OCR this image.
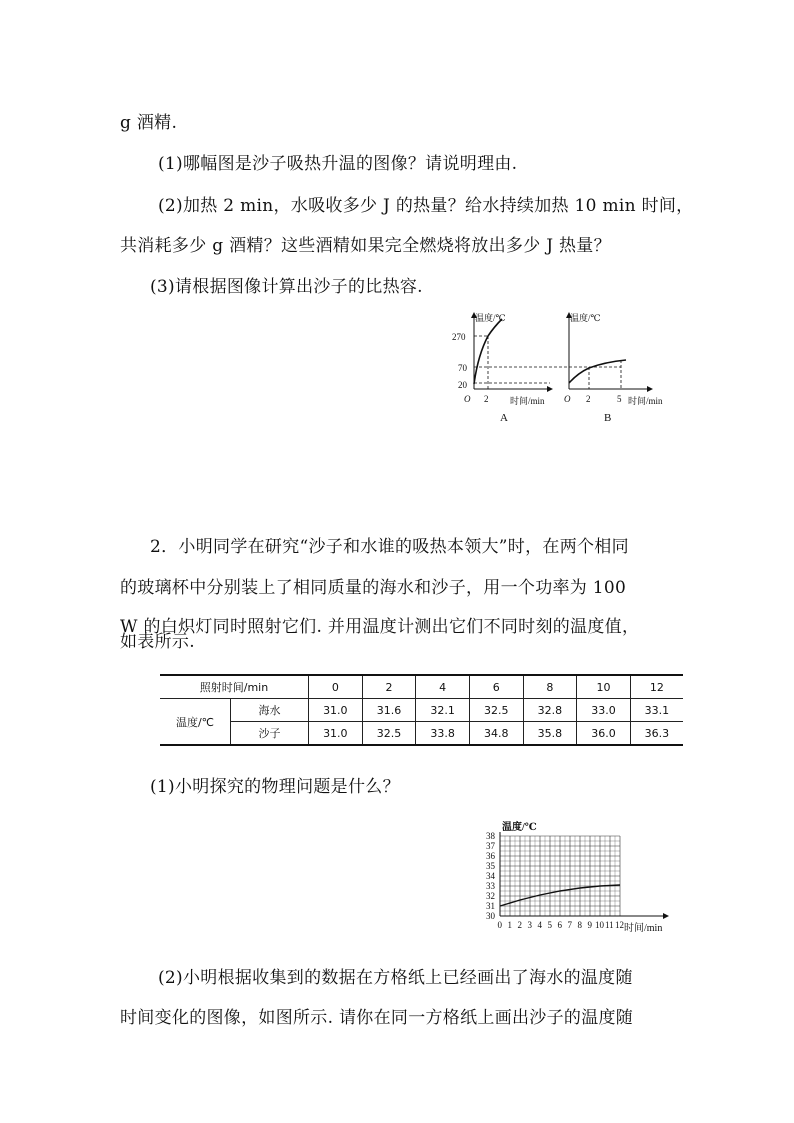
g 酒精.
(1)哪幅图是沙子吸热升温的图像？请说明理由.
(2)加热 2 min，水吸收多少 J 的热量？给水持续加热 10 min 时间，
共消耗多少 g 酒精？这些酒精如果完全燃烧将放出多少 J 热量？
(3)请根据图像计算出沙子的比热容.
温度/℃
270
70
20
O 2 时间/min
A
温度/℃
O 2	5 时间/min
B
2．小明同学在研究“沙子和水谁的吸热本领大”时，在两个相同
的玻璃杯中分别装上了相同质量的海水和沙子，用一个功率为 100
W 的白炽灯同时照射它们. 并用温度计测出它们不同时刻的温度值，
照射时间/min		0	2	4	6	8	10	12
温度/℃	海水	31.0	31.6	32.1	32.5	32.8	33.0	33.1
	沙子	31.0	32.5	33.8	34.8	35.8	36.0	36.3
如表所示.
(1)小明探究的物理问题是什么？
温度/℃
时间/min
38
37
36
35
34
33
32
31
30
0 1 2 3 4 5 6 7 8 9 10 11 12
(2)小明根据收集到的数据在方格纸上已经画出了海水的温度随
时间变化的图像，如图所示. 请你在同一方格纸上画出沙子的温度随
